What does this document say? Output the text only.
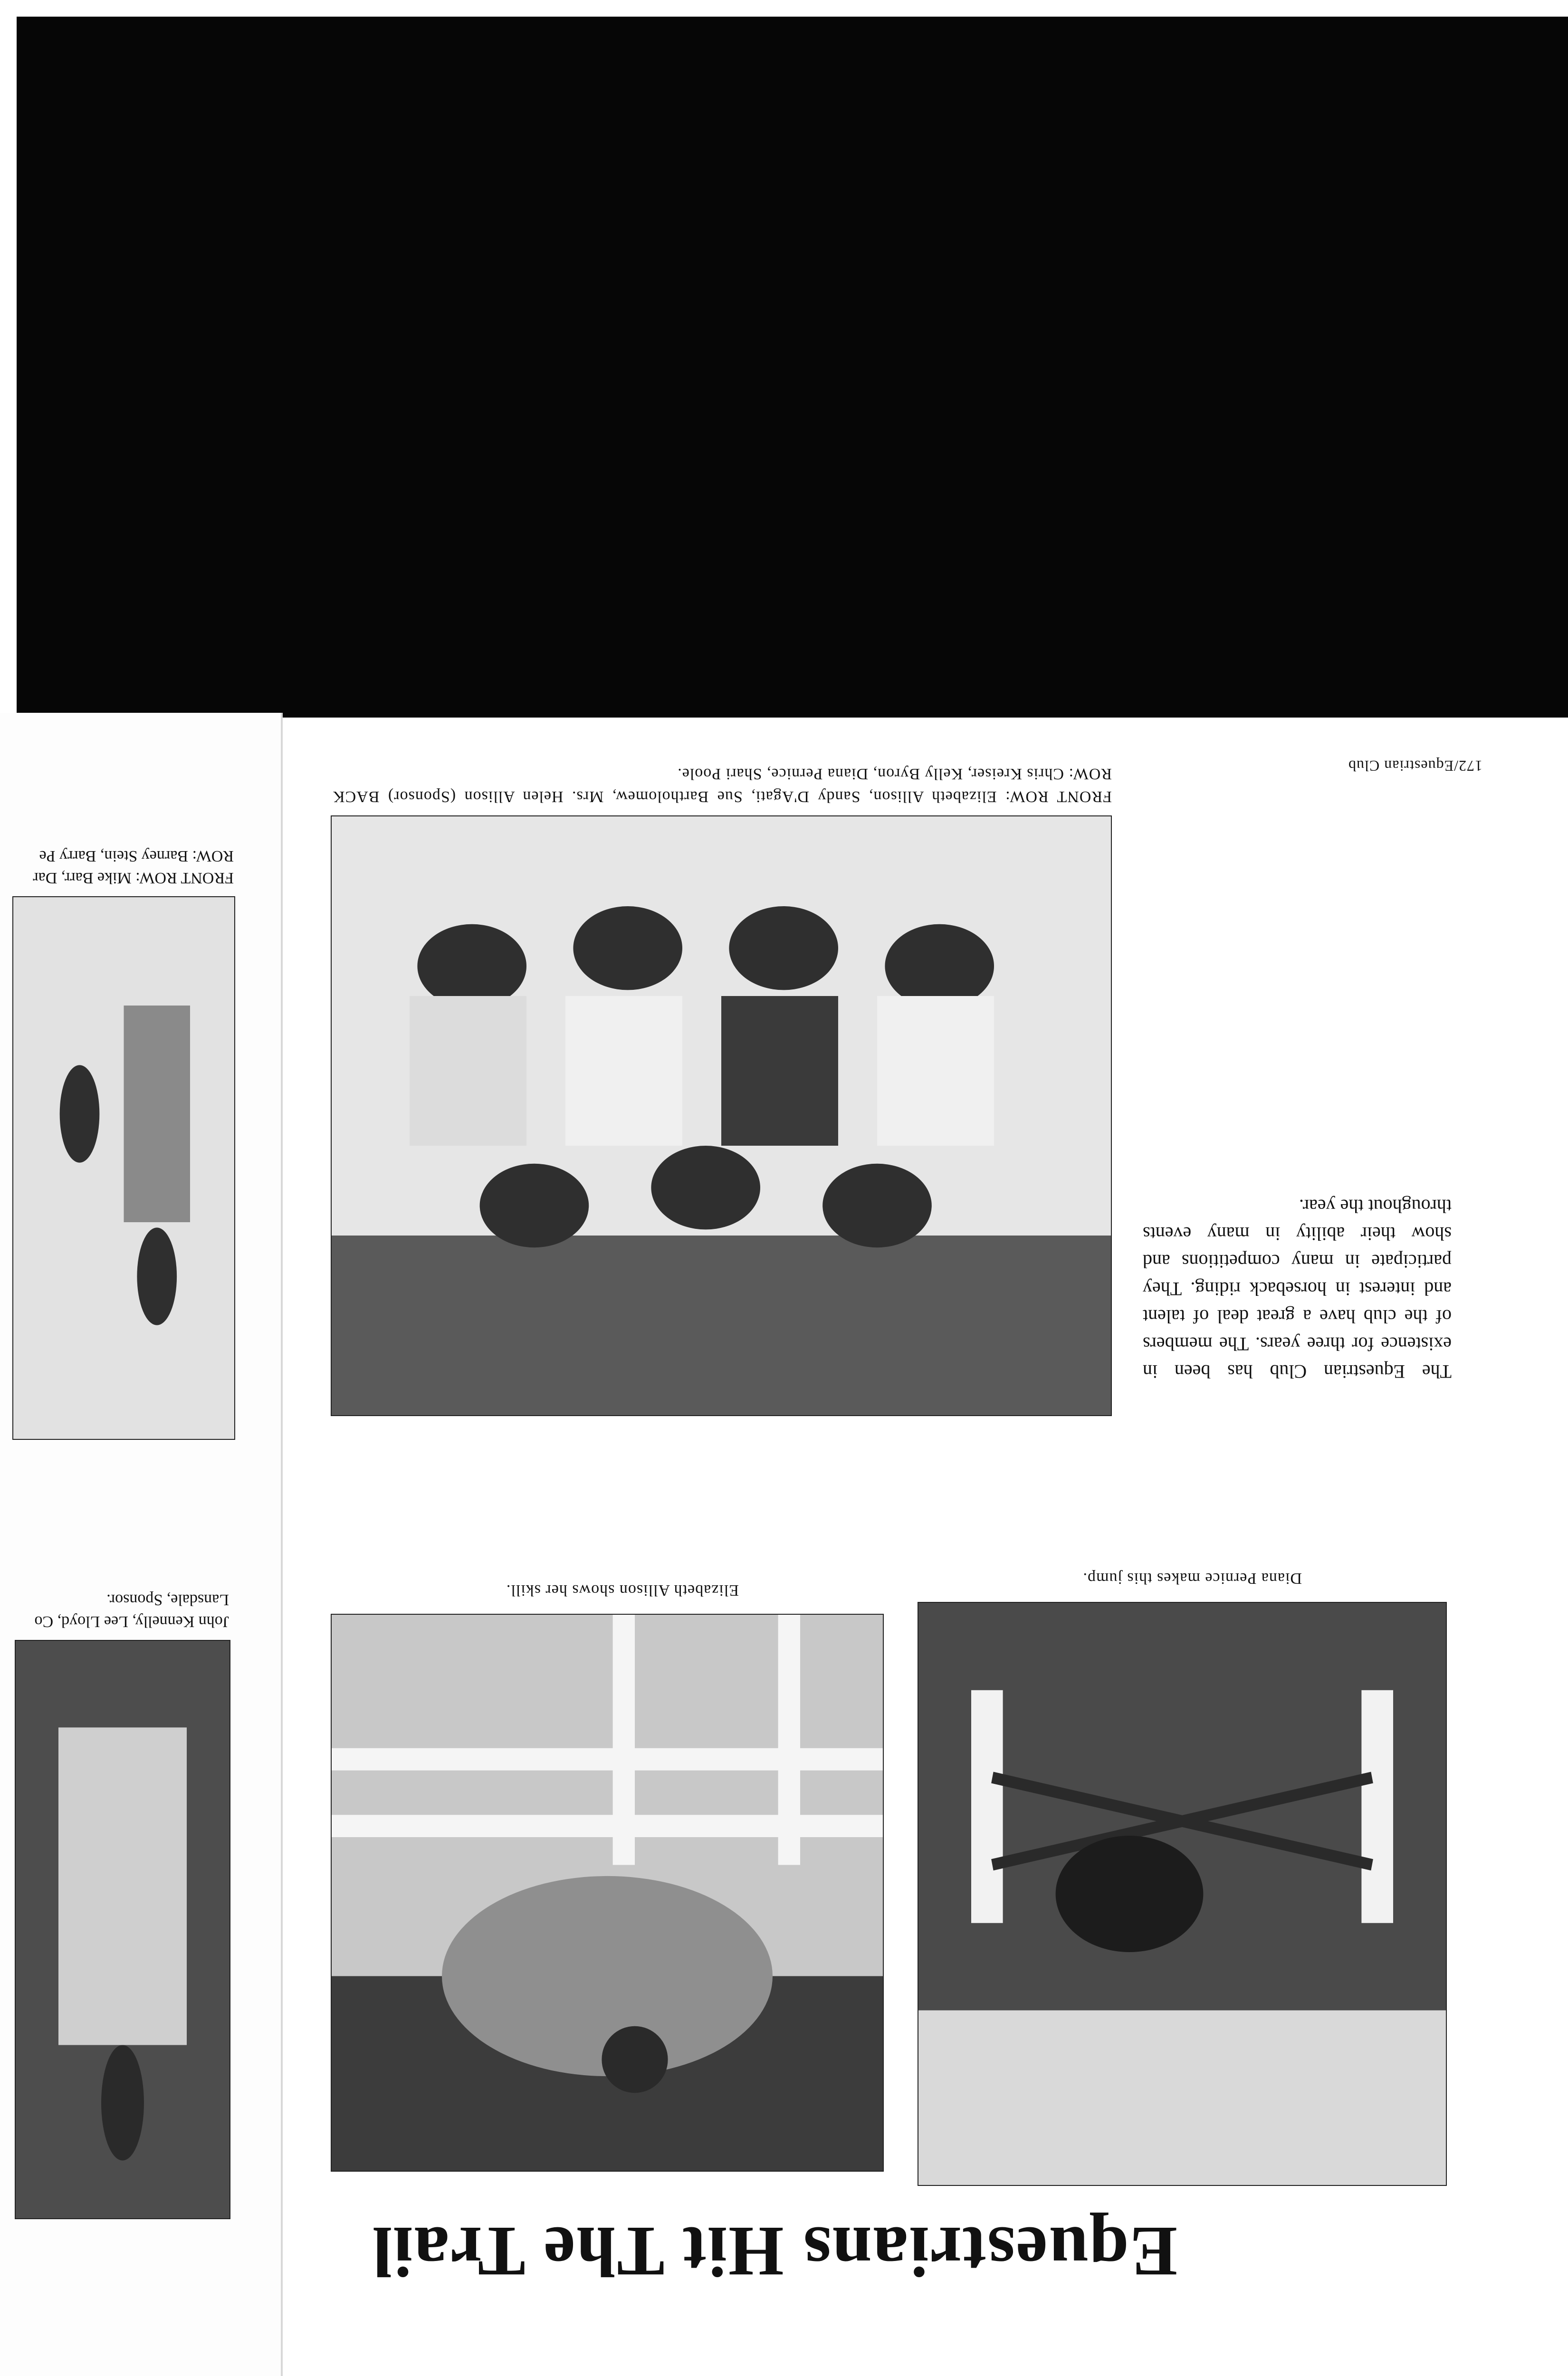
Equestrians Hit The Trail
Diana Pernice makes this jump.
Elizabeth Allison shows her skill.
FRONT ROW: Elizabeth Allison, Sandy D'Agati, Sue Bartholomew, Mrs. Helen Allison (Sponsor) BACK ROW: Chris Kreiser, Kelly Byron, Diana Pernice, Shari Poole.

The Equestrian Club has been in existence for three years. The members of the club have a great deal of talent and interest in horseback riding. They participate in many competitions and show their ability in many events throughout the year.

172/Equestrian Club
John Kennelly, Lee Lloyd, Co
Lansdale, Sponsor.
FRONT ROW: Mike Barr, Dar
ROW: Barney Stein, Barry Pe
